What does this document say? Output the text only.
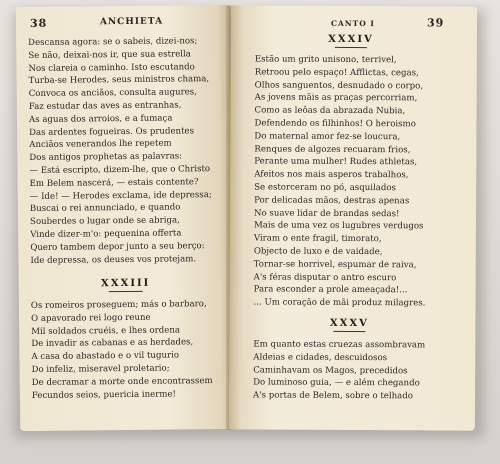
38	ANCHIETA
Descansa agora: se o sabeis, dizei-nos;
Se não, deixai-nos ir, que sua estrella
Nos clareia o caminho. Isto escutando
Turba-se Herodes, seus ministros chama,
Convoca os anciãos, consulta augures,
Faz estudar das aves as entranhas,
As aguas dos arroios, e a fumaça
Das ardentes fogueiras. Os prudentes
Anciãos venerandos lhe repetem
Dos antigos prophetas as palavras:
— Está escripto, dizem-lhe, que o Christo
Em Belem nascerá, — estais contente?
— Ide! — Herodes exclama, ide depressa;
Buscai o rei annunciado, e quando
Souberdes o lugar onde se abriga,
Vinde dizer-m'o: pequenina offerta
Quero tambem depor junto a seu berço:
Ide depressa, os deuses vos protejam.
XXXIII
Os romeiros proseguem; más o barbaro,
O apavorado rei logo reune
Mil soldados cruéis, e lhes ordena
De invadir as cabanas e as herdades,
A casa do abastado e o vil tugurio
Do infeliz, miseravel proletario;
De decramar a morte onde encontrassem
Fecundos seios, puericia inerme!
CANTO I	39
XXXIV
Estão um grito unisono, terrivel,
Retroou pelo espaço! Afflictas, cegas,
Olhos sanguentos, desnudado o corpo,
As jovens mãis as praças percorriam,
Como as leôas da abrazada Nubia,
Defendendo os filhinhos! O heroismo
Do maternal amor fez-se loucura,
Renques de algozes recuaram frios,
Perante uma mulher! Rudes athletas,
Afeitos nos mais asperos trabalhos,
Se estorceram no pó, asquilados
Por delicadas mãos, destras apenas
No suave lidar de brandas sedas!
Mais de uma vez os lugubres verdugos
Viram o ente fragil, timorato,
Objecto de luxo e de vaidade,
Tornar-se horrivel, espumar de raiva,
A's féras disputar o antro escuro
Para esconder a prole ameaçada!...
... Um coração de mãi produz milagres.
XXXV
Em quanto estas cruezas assombravam
Aldeias e cidades, descuidosos
Caminhavam os Magos, precedidos
Do luminoso guia, — e além chegando
A's portas de Belem, sobre o telhado
